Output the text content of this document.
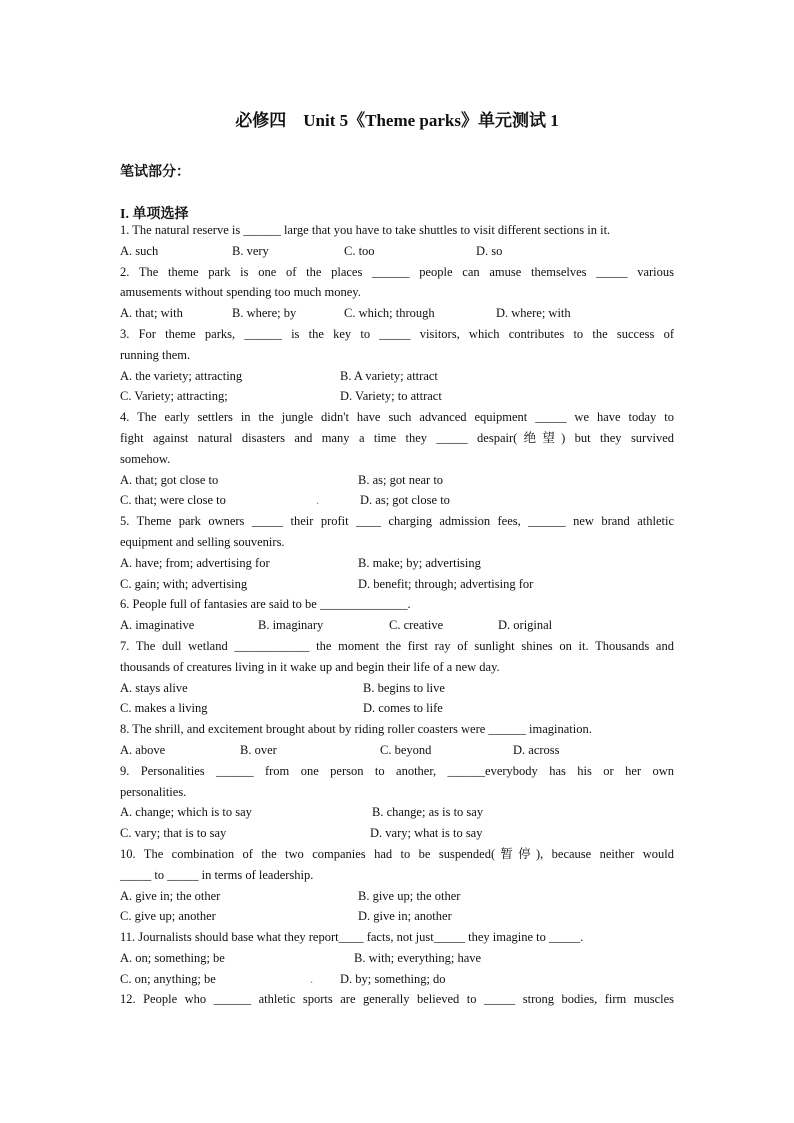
必修四    Unit 5《Theme parks》单元测试 1
笔试部分：
I. 单项选择
1. The natural reserve is ______ large that you have to take shuttles to visit different sections in it.
A. such	B. very	C. too	D. so
2. The theme park is one of the places ______ people can amuse themselves _____ various
amusements without spending too much money.
A. that; with	B. where; by	C. which; through	D. where; with
3. For theme parks, ______ is the key to _____ visitors, which contributes to the success of
running them.
A. the variety; attracting	B. A variety; attract
C. Variety; attracting;	D. Variety; to attract
4. The early settlers in the jungle didn't have such advanced equipment _____ we have today to
fight against natural disasters and many a time they _____ despair(绝望) but they survived
somehow.
A. that; got close to	B. as; got near to
C. that; were close to	.	D. as; got close to
5. Theme park owners _____ their profit ____ charging admission fees, ______ new brand athletic
equipment and selling souvenirs.
A. have; from; advertising for	B. make; by; advertising
C. gain; with; advertising	D. benefit; through; advertising for
6. People full of fantasies are said to be ______________.
A. imaginative	B. imaginary	C. creative	D. original
7. The dull wetland ____________ the moment the first ray of sunlight shines on it. Thousands and
thousands of creatures living in it wake up and begin their life of a new day.
A. stays alive	B. begins to live
C. makes a living	D. comes to life
8. The shrill, and excitement brought about by riding roller coasters were ______ imagination.
A. above	B. over	C. beyond	D. across
9. Personalities ______ from one person to another, ______everybody has his or her own
personalities.
A. change; which is to say	B. change; as is to say
C. vary; that is to say	D. vary; what is to say
10. The combination of the two companies had to be suspended(暂停), because neither would
_____ to _____ in terms of leadership.
A. give in; the other	B. give up; the other
C. give up; another	D. give in; another
11. Journalists should base what they report____ facts, not just_____ they imagine to _____.
A. on; something; be	B. with; everything; have
C. on; anything; be	.	D. by; something; do
12. People who ______ athletic sports are generally believed to _____ strong bodies, firm muscles
